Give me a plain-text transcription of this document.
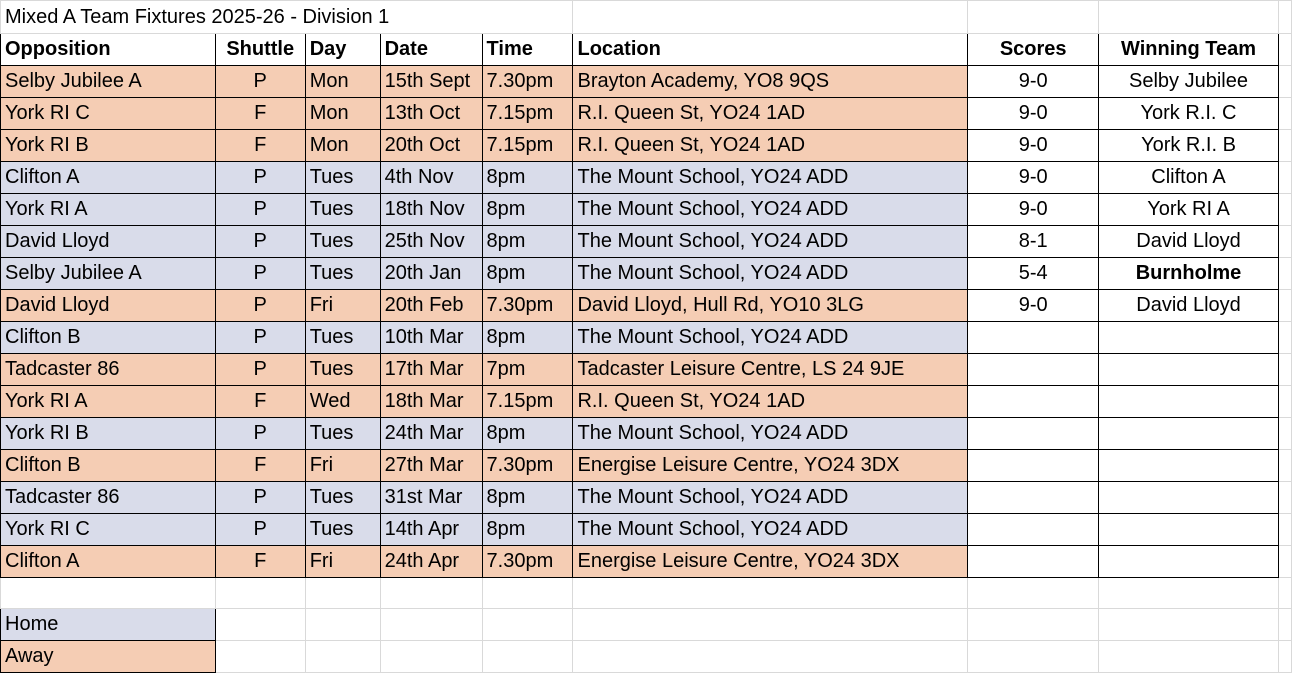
Mixed A Team Fixtures 2025-26 - Division 1								
Opposition	Shuttle	Day	Date	Time	Location	Scores	Winning Team	
Selby Jubilee A	P	Mon	15th Sept	7.30pm	Brayton Academy, YO8 9QS	9-0	Selby Jubilee	
York RI C	F	Mon	13th Oct	7.15pm	R.I. Queen St, YO24 1AD	9-0	York R.I. C	
York RI B	F	Mon	20th Oct	7.15pm	R.I. Queen St, YO24 1AD	9-0	York R.I. B	
Clifton A	P	Tues	4th Nov	8pm	The Mount School, YO24 ADD	9-0	Clifton A	
York RI A	P	Tues	18th Nov	8pm	The Mount School, YO24 ADD	9-0	York RI A	
David Lloyd	P	Tues	25th Nov	8pm	The Mount School, YO24 ADD	8-1	David Lloyd	
Selby Jubilee A	P	Tues	20th Jan	8pm	The Mount School, YO24 ADD	5-4	Burnholme	
David Lloyd	P	Fri	20th Feb	7.30pm	David Lloyd, Hull Rd, YO10 3LG	9-0	David Lloyd	
Clifton B	P	Tues	10th Mar	8pm	The Mount School, YO24 ADD			
Tadcaster 86	P	Tues	17th Mar	7pm	Tadcaster Leisure Centre, LS 24 9JE			
York RI A	F	Wed	18th Mar	7.15pm	R.I. Queen St, YO24 1AD			
York RI B	P	Tues	24th Mar	8pm	The Mount School, YO24 ADD			
Clifton B	F	Fri	27th Mar	7.30pm	Energise Leisure Centre, YO24 3DX			
Tadcaster 86	P	Tues	31st Mar	8pm	The Mount School, YO24 ADD			
York RI C	P	Tues	14th Apr	8pm	The Mount School, YO24 ADD			
Clifton A	F	Fri	24th Apr	7.30pm	Energise Leisure Centre, YO24 3DX			

Home								
Away								
